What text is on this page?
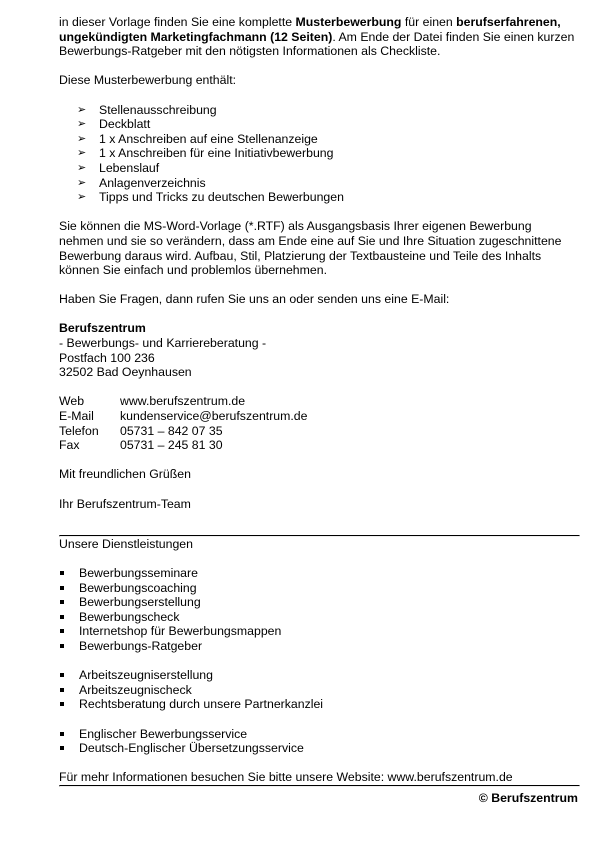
in dieser Vorlage finden Sie eine komplette Musterbewerbung für einen berufserfahrenen, ungekündigten Marketingfachmann (12 Seiten). Am Ende der Datei finden Sie einen kurzen Bewerbungs-Ratgeber mit den nötigsten Informationen als Checkliste.

Diese Musterbewerbung enthält:

➢ Stellenausschreibung
➢ Deckblatt
➢ 1 x Anschreiben auf eine Stellenanzeige
➢ 1 x Anschreiben für eine Initiativbewerbung
➢ Lebenslauf
➢ Anlagenverzeichnis
➢ Tipps und Tricks zu deutschen Bewerbungen

Sie können die MS-Word-Vorlage (*.RTF) als Ausgangsbasis Ihrer eigenen Bewerbung nehmen und sie so verändern, dass am Ende eine auf Sie und Ihre Situation zugeschnittene Bewerbung daraus wird. Aufbau, Stil, Platzierung der Textbausteine und Teile des Inhalts können Sie einfach und problemlos übernehmen.

Haben Sie Fragen, dann rufen Sie uns an oder senden uns eine E-Mail:

Berufszentrum

- Bewerbungs- und Karriereberatung -

Postfach 100 236

32502 Bad Oeynhausen

Web	www.berufszentrum.de
E-Mail	kundenservice@berufszentrum.de
Telefon	05731 – 842 07 35
Fax	05731 – 245 81 30

Mit freundlichen Grüßen

Ihr Berufszentrum-Team

Unsere Dienstleistungen

Bewerbungsseminare
Bewerbungscoaching
Bewerbungserstellung
Bewerbungscheck
Internetshop für Bewerbungsmappen
Bewerbungs-Ratgeber
Arbeitszeugniserstellung
Arbeitszeugnischeck
Rechtsberatung durch unsere Partnerkanzlei
Englischer Bewerbungsservice
Deutsch-Englischer Übersetzungsservice

Für mehr Informationen besuchen Sie bitte unsere Website: www.berufszentrum.de

© Berufszentrum
